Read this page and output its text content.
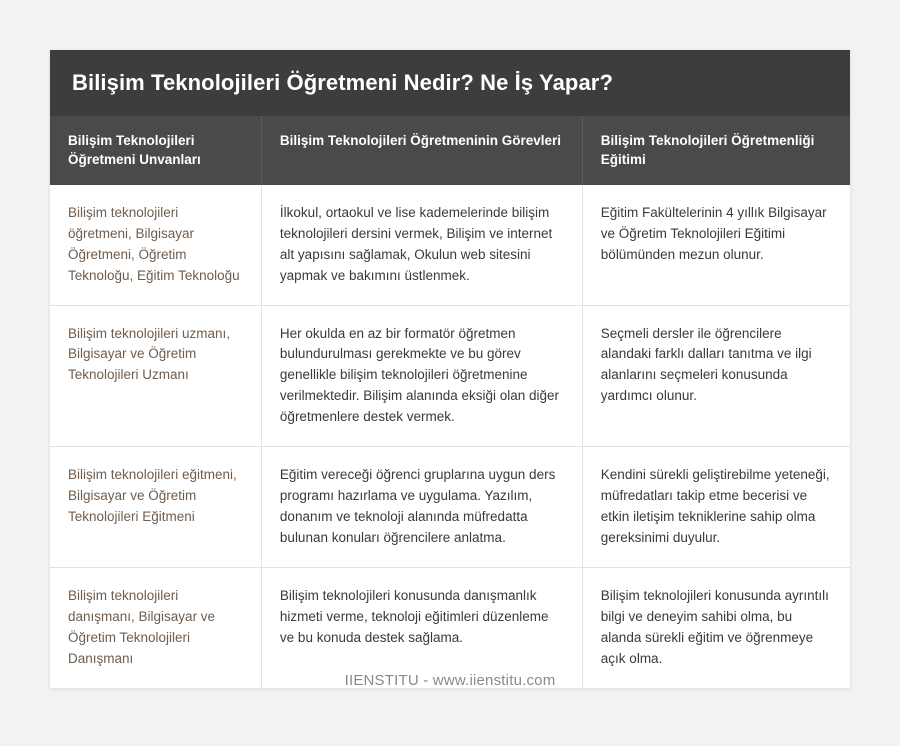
Bilişim Teknolojileri Öğretmeni Nedir? Ne İş Yapar?
Bilişim Teknolojileri Öğretmeni Unvanları	Bilişim Teknolojileri Öğretmeninin Görevleri	Bilişim Teknolojileri Öğretmenliği Eğitimi
Bilişim teknolojileri öğretmeni, Bilgisayar Öğretmeni, Öğretim Teknoloğu, Eğitim Teknoloğu	İlkokul, ortaokul ve lise kademelerinde bilişim teknolojileri dersini vermek, Bilişim ve internet alt yapısını sağlamak, Okulun web sitesini yapmak ve bakımını üstlenmek.	Eğitim Fakültelerinin 4 yıllık Bilgisayar ve Öğretim Teknolojileri Eğitimi bölümünden mezun olunur.
Bilişim teknolojileri uzmanı, Bilgisayar ve Öğretim Teknolojileri Uzmanı	Her okulda en az bir formatör öğretmen bulundurulması gerekmekte ve bu görev genellikle bilişim teknolojileri öğretmenine verilmektedir. Bilişim alanında eksiği olan diğer öğretmenlere destek vermek.	Seçmeli dersler ile öğrencilere alandaki farklı dalları tanıtma ve ilgi alanlarını seçmeleri konusunda yardımcı olunur.
Bilişim teknolojileri eğitmeni, Bilgisayar ve Öğretim Teknolojileri Eğitmeni	Eğitim vereceği öğrenci gruplarına uygun ders programı hazırlama ve uygulama. Yazılım, donanım ve teknoloji alanında müfredatta bulunan konuları öğrencilere anlatma.	Kendini sürekli geliştirebilme yeteneği, müfredatları takip etme becerisi ve etkin iletişim tekniklerine sahip olma gereksinimi duyulur.
Bilişim teknolojileri danışmanı, Bilgisayar ve Öğretim Teknolojileri Danışmanı	Bilişim teknolojileri konusunda danışmanlık hizmeti verme, teknoloji eğitimleri düzenleme ve bu konuda destek sağlama.	Bilişim teknolojileri konusunda ayrıntılı bilgi ve deneyim sahibi olma, bu alanda sürekli eğitim ve öğrenmeye açık olma.
IIENSTITU - www.iienstitu.com
